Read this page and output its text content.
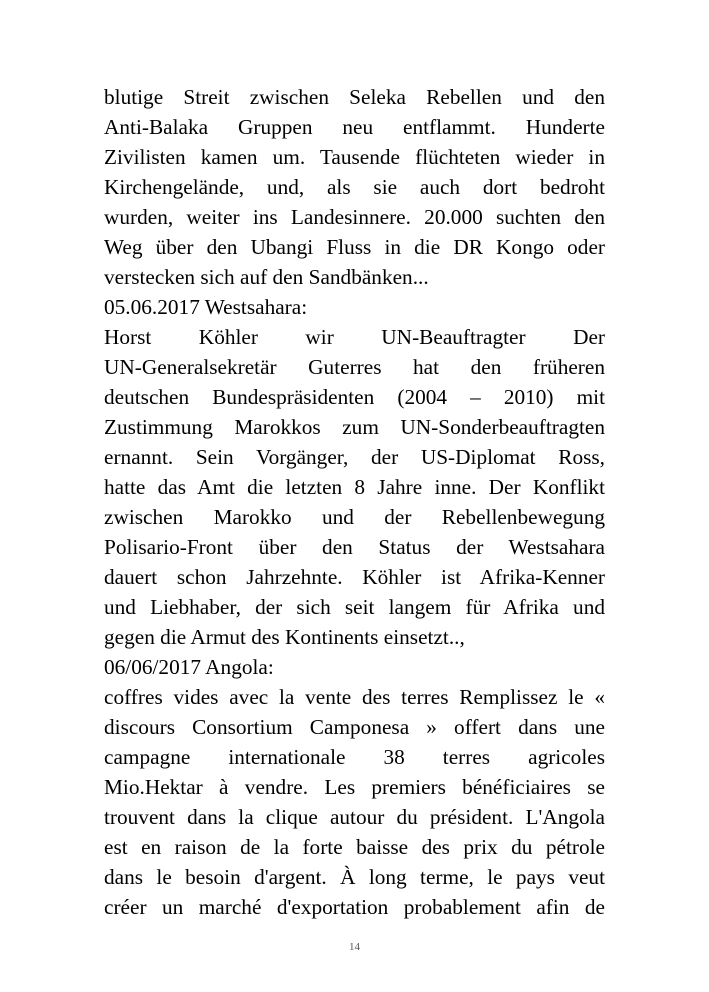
blutige Streit zwischen Seleka Rebellen und den
Anti-Balaka Gruppen neu entflammt. Hunderte
Zivilisten kamen um. Tausende flüchteten wieder in
Kirchengelände, und, als sie auch dort bedroht
wurden, weiter ins Landesinnere. 20.000 suchten den
Weg über den Ubangi Fluss in die DR Kongo oder
verstecken sich auf den Sandbänken...
05.06.2017 Westsahara:
Horst Köhler wir UN-Beauftragter Der
UN-Generalsekretär Guterres hat den früheren
deutschen Bundespräsidenten (2004 – 2010) mit
Zustimmung Marokkos zum UN-Sonderbeauftragten
ernannt. Sein Vorgänger, der US-Diplomat Ross,
hatte das Amt die letzten 8 Jahre inne. Der Konflikt
zwischen Marokko und der Rebellenbewegung
Polisario-Front über den Status der Westsahara
dauert schon Jahrzehnte. Köhler ist Afrika-Kenner
und Liebhaber, der sich seit langem für Afrika und
gegen die Armut des Kontinents einsetzt..,
06/06/2017 Angola:
coffres vides avec la vente des terres Remplissez le «
discours Consortium Camponesa » offert dans une
campagne internationale 38 terres agricoles
Mio.Hektar à vendre. Les premiers bénéficiaires se
trouvent dans la clique autour du président. L'Angola
est en raison de la forte baisse des prix du pétrole
dans le besoin d'argent. À long terme, le pays veut
créer un marché d'exportation probablement afin de
14
